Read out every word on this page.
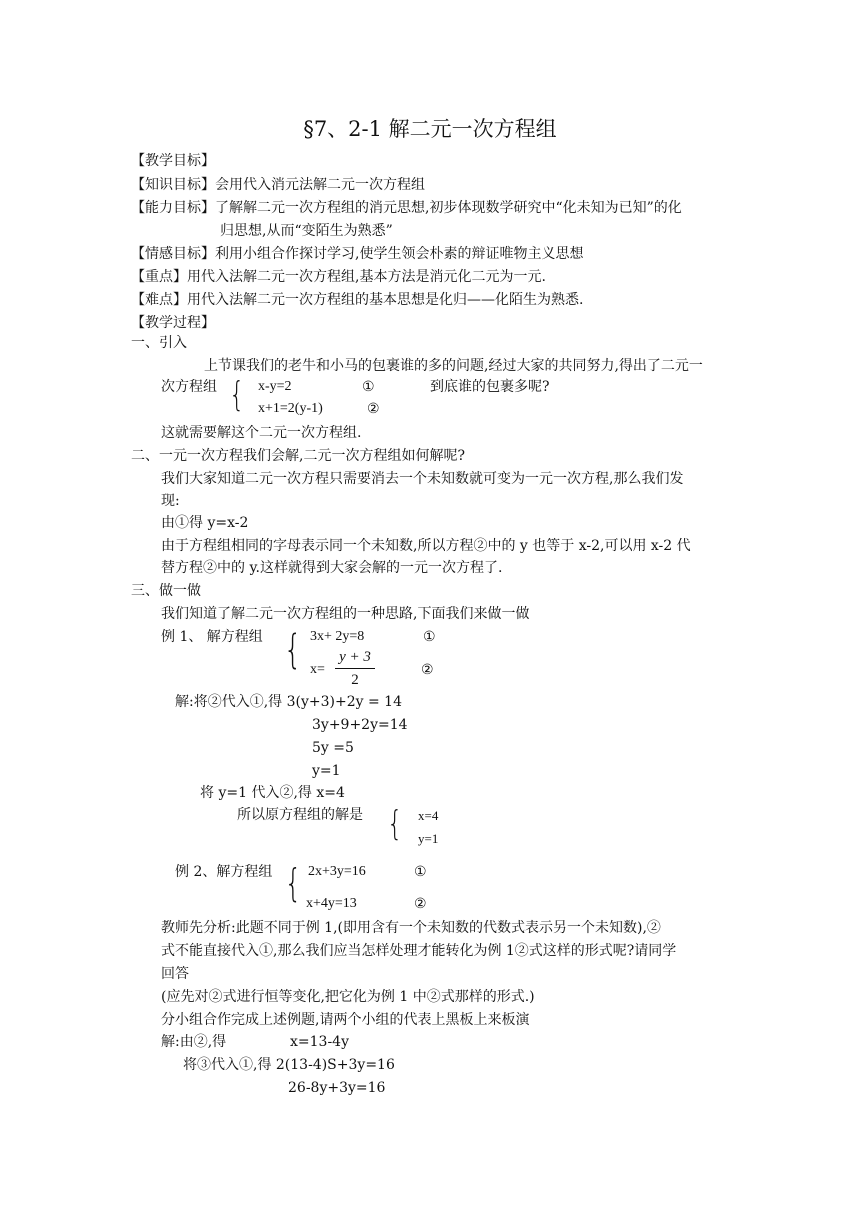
§7、2-1 解二元一次方程组
【教学目标】
【知识目标】会用代入消元法解二元一次方程组
【能力目标】了解解二元一次方程组的消元思想,初步体现数学研究中“化未知为已知”的化
归思想,从而“变陌生为熟悉”
【情感目标】利用小组合作探讨学习,使学生领会朴素的辩证唯物主义思想
【重点】用代入法解二元一次方程组,基本方法是消元化二元为一元.
【难点】用代入法解二元一次方程组的基本思想是化归——化陌生为熟悉.
【教学过程】
一、引入
上节课我们的老牛和小马的包裹谁的多的问题,经过大家的共同努力,得出了二元一
次方程组 { x-y=2	①	到底谁的包裹多呢?
x+1=2(y-1)	②
这就需要解这个二元一次方程组.
二、一元一次方程我们会解,二元一次方程组如何解呢?
我们大家知道二元一次方程只需要消去一个未知数就可变为一元一次方程,那么我们发
现:
由①得 y=x-2
由于方程组相同的字母表示同一个未知数,所以方程②中的 y 也等于 x-2,可以用 x-2 代
替方程②中的 y.这样就得到大家会解的一元一次方程了.
三、做一做
我们知道了解二元一次方程组的一种思路,下面我们来做一做
例 1、 解方程组 { 3x+ 2y=8	①
$x= \frac{y + 3}{2}$	②
解:将②代入①,得 3(y+3)+2y = 14
3y+9+2y=14
5y =5
y=1
将 y=1 代入②,得 x=4
所以原方程组的解是 { x=4
y=1
例 2、解方程组 { 2x+3y=16	①
x+4y=13	②
教师先分析:此题不同于例 1,(即用含有一个未知数的代数式表示另一个未知数),②
式不能直接代入①,那么我们应当怎样处理才能转化为例 1②式这样的形式呢?请同学
回答
(应先对②式进行恒等变化,把它化为例 1 中②式那样的形式.)
分小组合作完成上述例题,请两个小组的代表上黑板上来板演
解:由②,得	x=13-4y
将③代入①,得 2(13-4)S+3y=16
26-8y+3y=16
